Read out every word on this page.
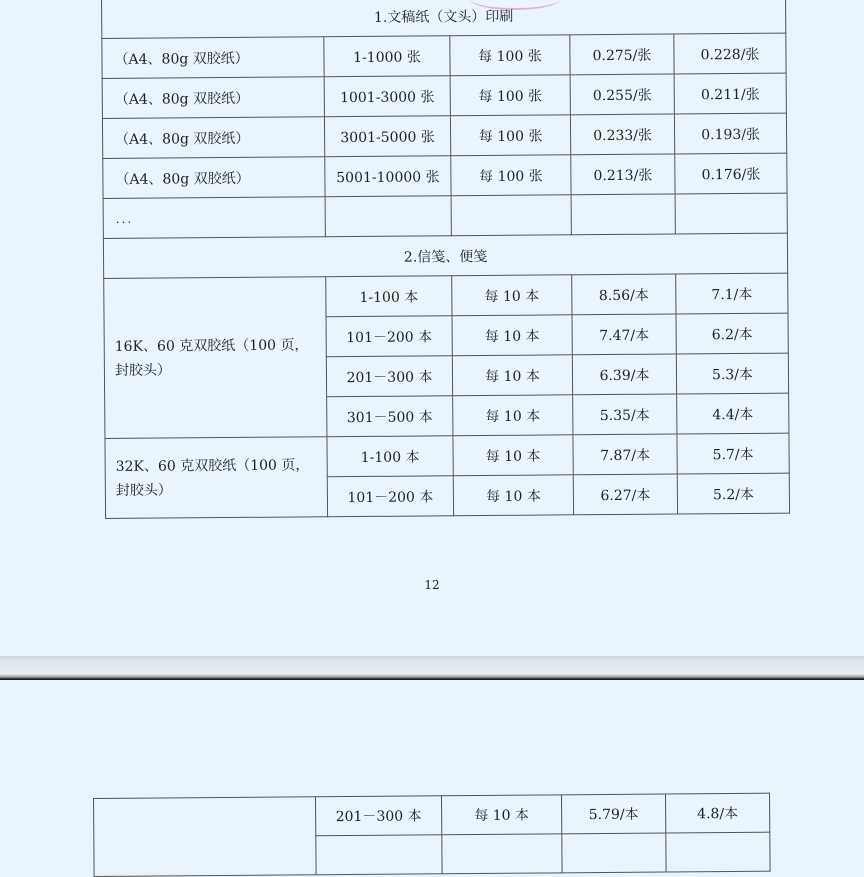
1.文稿纸（文头）印刷				
（A4、80g 双胶纸）	1-1000 张	每 100 张	0.275/张	0.228/张
（A4、80g 双胶纸）	1001-3000 张	每 100 张	0.255/张	0.211/张
（A4、80g 双胶纸）	3001-5000 张	每 100 张	0.233/张	0.193/张
（A4、80g 双胶纸）	5001-10000 张	每 100 张	0.213/张	0.176/张
...				
2.信笺、便笺				
16K、60 克双胶纸（100 页，封胶头）	1-100 本	每 10 本	8.56/本	7.1/本
	101－200 本	每 10 本	7.47/本	6.2/本
	201－300 本	每 10 本	6.39/本	5.3/本
	301－500 本	每 10 本	5.35/本	4.4/本
32K、60 克双胶纸（100 页，封胶头）	1-100 本	每 10 本	7.87/本	5.7/本
	101－200 本	每 10 本	6.27/本	5.2/本
12
	201－300 本	每 10 本	5.79/本	4.8/本
